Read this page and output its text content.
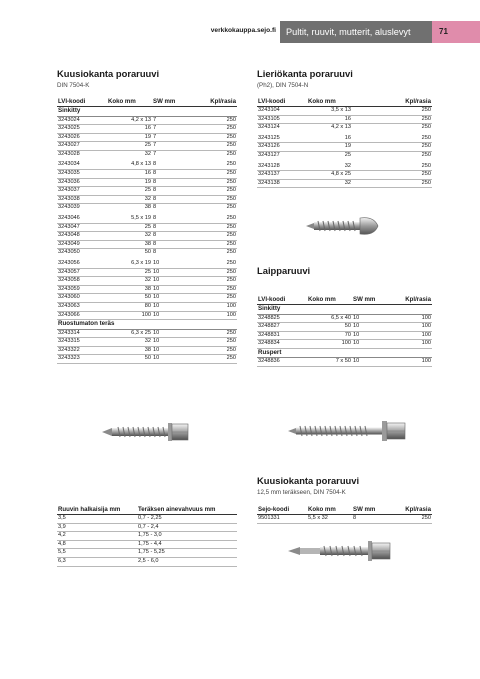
verkkokauppa.sejo.fi	Pultit, ruuvit, mutterit, aluslevyt	71
Kuusiokanta poraruuvi
DIN 7504-K
LVI-koodi	Koko mm	SW mm	Kpl/rasia
Sinkitty			
3243024	4,2 x 13	7	250
3243025	16	7	250
3243026	19	7	250
3243027	25	7	250
3243028	32	7	250
3243034	4,8 x 13	8	250
3243035	16	8	250
3243036	19	8	250
3243037	25	8	250
3243038	32	8	250
3243039	38	8	250
3243046	5,5 x 19	8	250
3243047	25	8	250
3243048	32	8	250
3243049	38	8	250
3243050	50	8	250
3243056	6,3 x 19	10	250
3243057	25	10	250
3243058	32	10	250
3243059	38	10	250
3243060	50	10	250
3243063	80	10	100
3243066	100	10	100
Ruostumaton teräs			
3243314	6,3 x 25	10	250
3243315	32	10	250
3243322	38	10	250
3243323	50	10	250
Lieriökanta poraruuvi
(Ph2), DIN 7504-N
LVI-koodi	Koko mm		Kpl/rasia
3243104	3,5 x 13		250
3243105	16		250
3243124	4,2 x 13		250
3243125	16		250
3243126	19		250
3243127	25		250
3243128	32		250
3243137	4,8 x 25		250
3243138	32		250
Laipparuuvi
LVI-koodi	Koko mm	SW mm	Kpl/rasia
Sinkitty			
3248825	6,5 x 40	10	100
3248827	50	10	100
3248831	70	10	100
3248834	100	10	100
Ruspert			
3248836	7 x 50	10	100
Kuusiokanta poraruuvi
12,5 mm teräkseen, DIN 7504-K
Sejo-koodi	Koko mm	SW mm	Kpl/rasia
9501331	5,5 x 32	8	250
Ruuvin halkaisija mm	Teräksen ainevahvuus mm
3,5	0,7 - 2,25
3,9	0,7 - 2,4
4,2	1,75 - 3,0
4,8	1,75 - 4,4
5,5	1,75 - 5,25
6,3	2,5 - 6,0
